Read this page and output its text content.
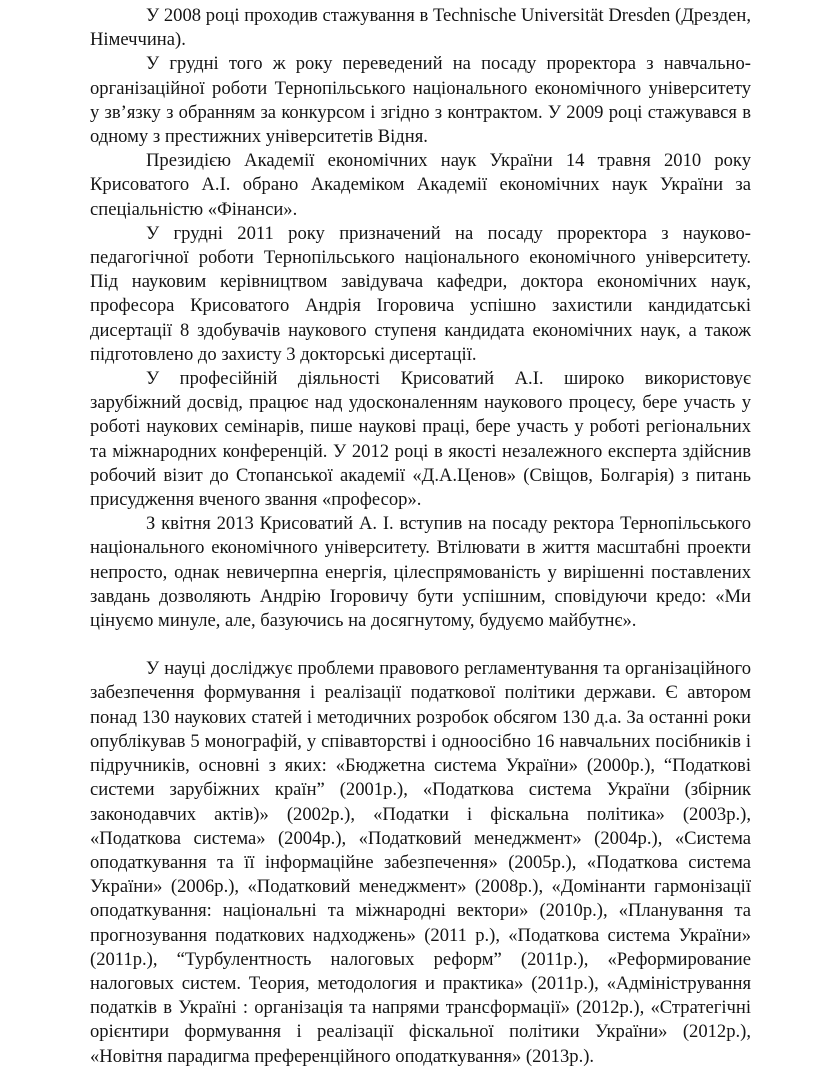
У 2008 році проходив стажування в Technische Universität Dresden (Дрезден, Німеччина).

У грудні того ж року переведений на посаду проректора з навчально-організаційної роботи Тернопільського національного економічного університету у зв’язку з обранням за конкурсом і згідно з контрактом. У 2009 році стажувався в одному з престижних університетів Відня.

Президією Академії економічних наук України 14 травня 2010 року Крисоватого А.І. обрано Академіком Академії економічних наук України за спеціальністю «Фінанси».

У грудні 2011 року призначений на посаду проректора з науково-педагогічної роботи Тернопільського національного економічного університету. Під науковим керівництвом завідувача кафедри, доктора економічних наук, професора Крисоватого Андрія Ігоровича успішно захистили кандидатські дисертації 8 здобувачів наукового ступеня кандидата економічних наук, а також підготовлено до захисту 3 докторські дисертації.

У професійній діяльності Крисоватий А.І. широко використовує зарубіжний досвід, працює над удосконаленням наукового процесу, бере участь у роботі наукових семінарів, пише наукові праці, бере участь у роботі регіональних та міжнародних конференцій. У 2012 році в якості незалежного експерта здійснив робочий візит до Стопанської академії «Д.А.Ценов» (Свіщов, Болгарія) з питань присудження вченого звання «професор».

З квітня 2013 Крисоватий А. І. вступив на посаду ректора Тернопільського національного економічного університету. Втілювати в життя масштабні проекти непросто, однак невичерпна енергія, цілеспрямованість у вирішенні поставлених завдань дозволяють Андрію Ігоровичу бути успішним, сповідуючи кредо: «Ми цінуємо минуле, але, базуючись на досягнутому, будуємо майбутнє».

У науці досліджує проблеми правового регламентування та організаційного забезпечення формування і реалізації податкової політики держави. Є автором понад 130 наукових статей і методичних розробок обсягом 130 д.а. За останні роки опублікував 5 монографій, у співавторстві і одноосібно 16 навчальних посібників і підручників, основні з яких: «Бюджетна система України» (2000р.), “Податкові системи зарубіжних країн” (2001р.), «Податкова система України (збірник законодавчих актів)» (2002р.), «Податки і фіскальна політика» (2003р.), «Податкова система» (2004р.), «Податковий менеджмент» (2004р.), «Система оподаткування та її інформаційне забезпечення» (2005р.), «Податкова система України» (2006р.), «Податковий менеджмент» (2008р.), «Домінанти гармонізації оподаткування: національні та міжнародні вектори» (2010р.), «Планування та прогнозування податкових надходжень» (2011 р.), «Податкова система України» (2011р.), “Турбулентность налоговых реформ” (2011р.), «Реформирование налоговых систем. Теория, методология и практика» (2011р.), «Адміністрування податків в Україні : організація та напрями трансформації» (2012р.), «Стратегічні орієнтири формування і реалізації фіскальної політики України» (2012р.), «Новітня парадигма преференційного оподаткування» (2013р.).
